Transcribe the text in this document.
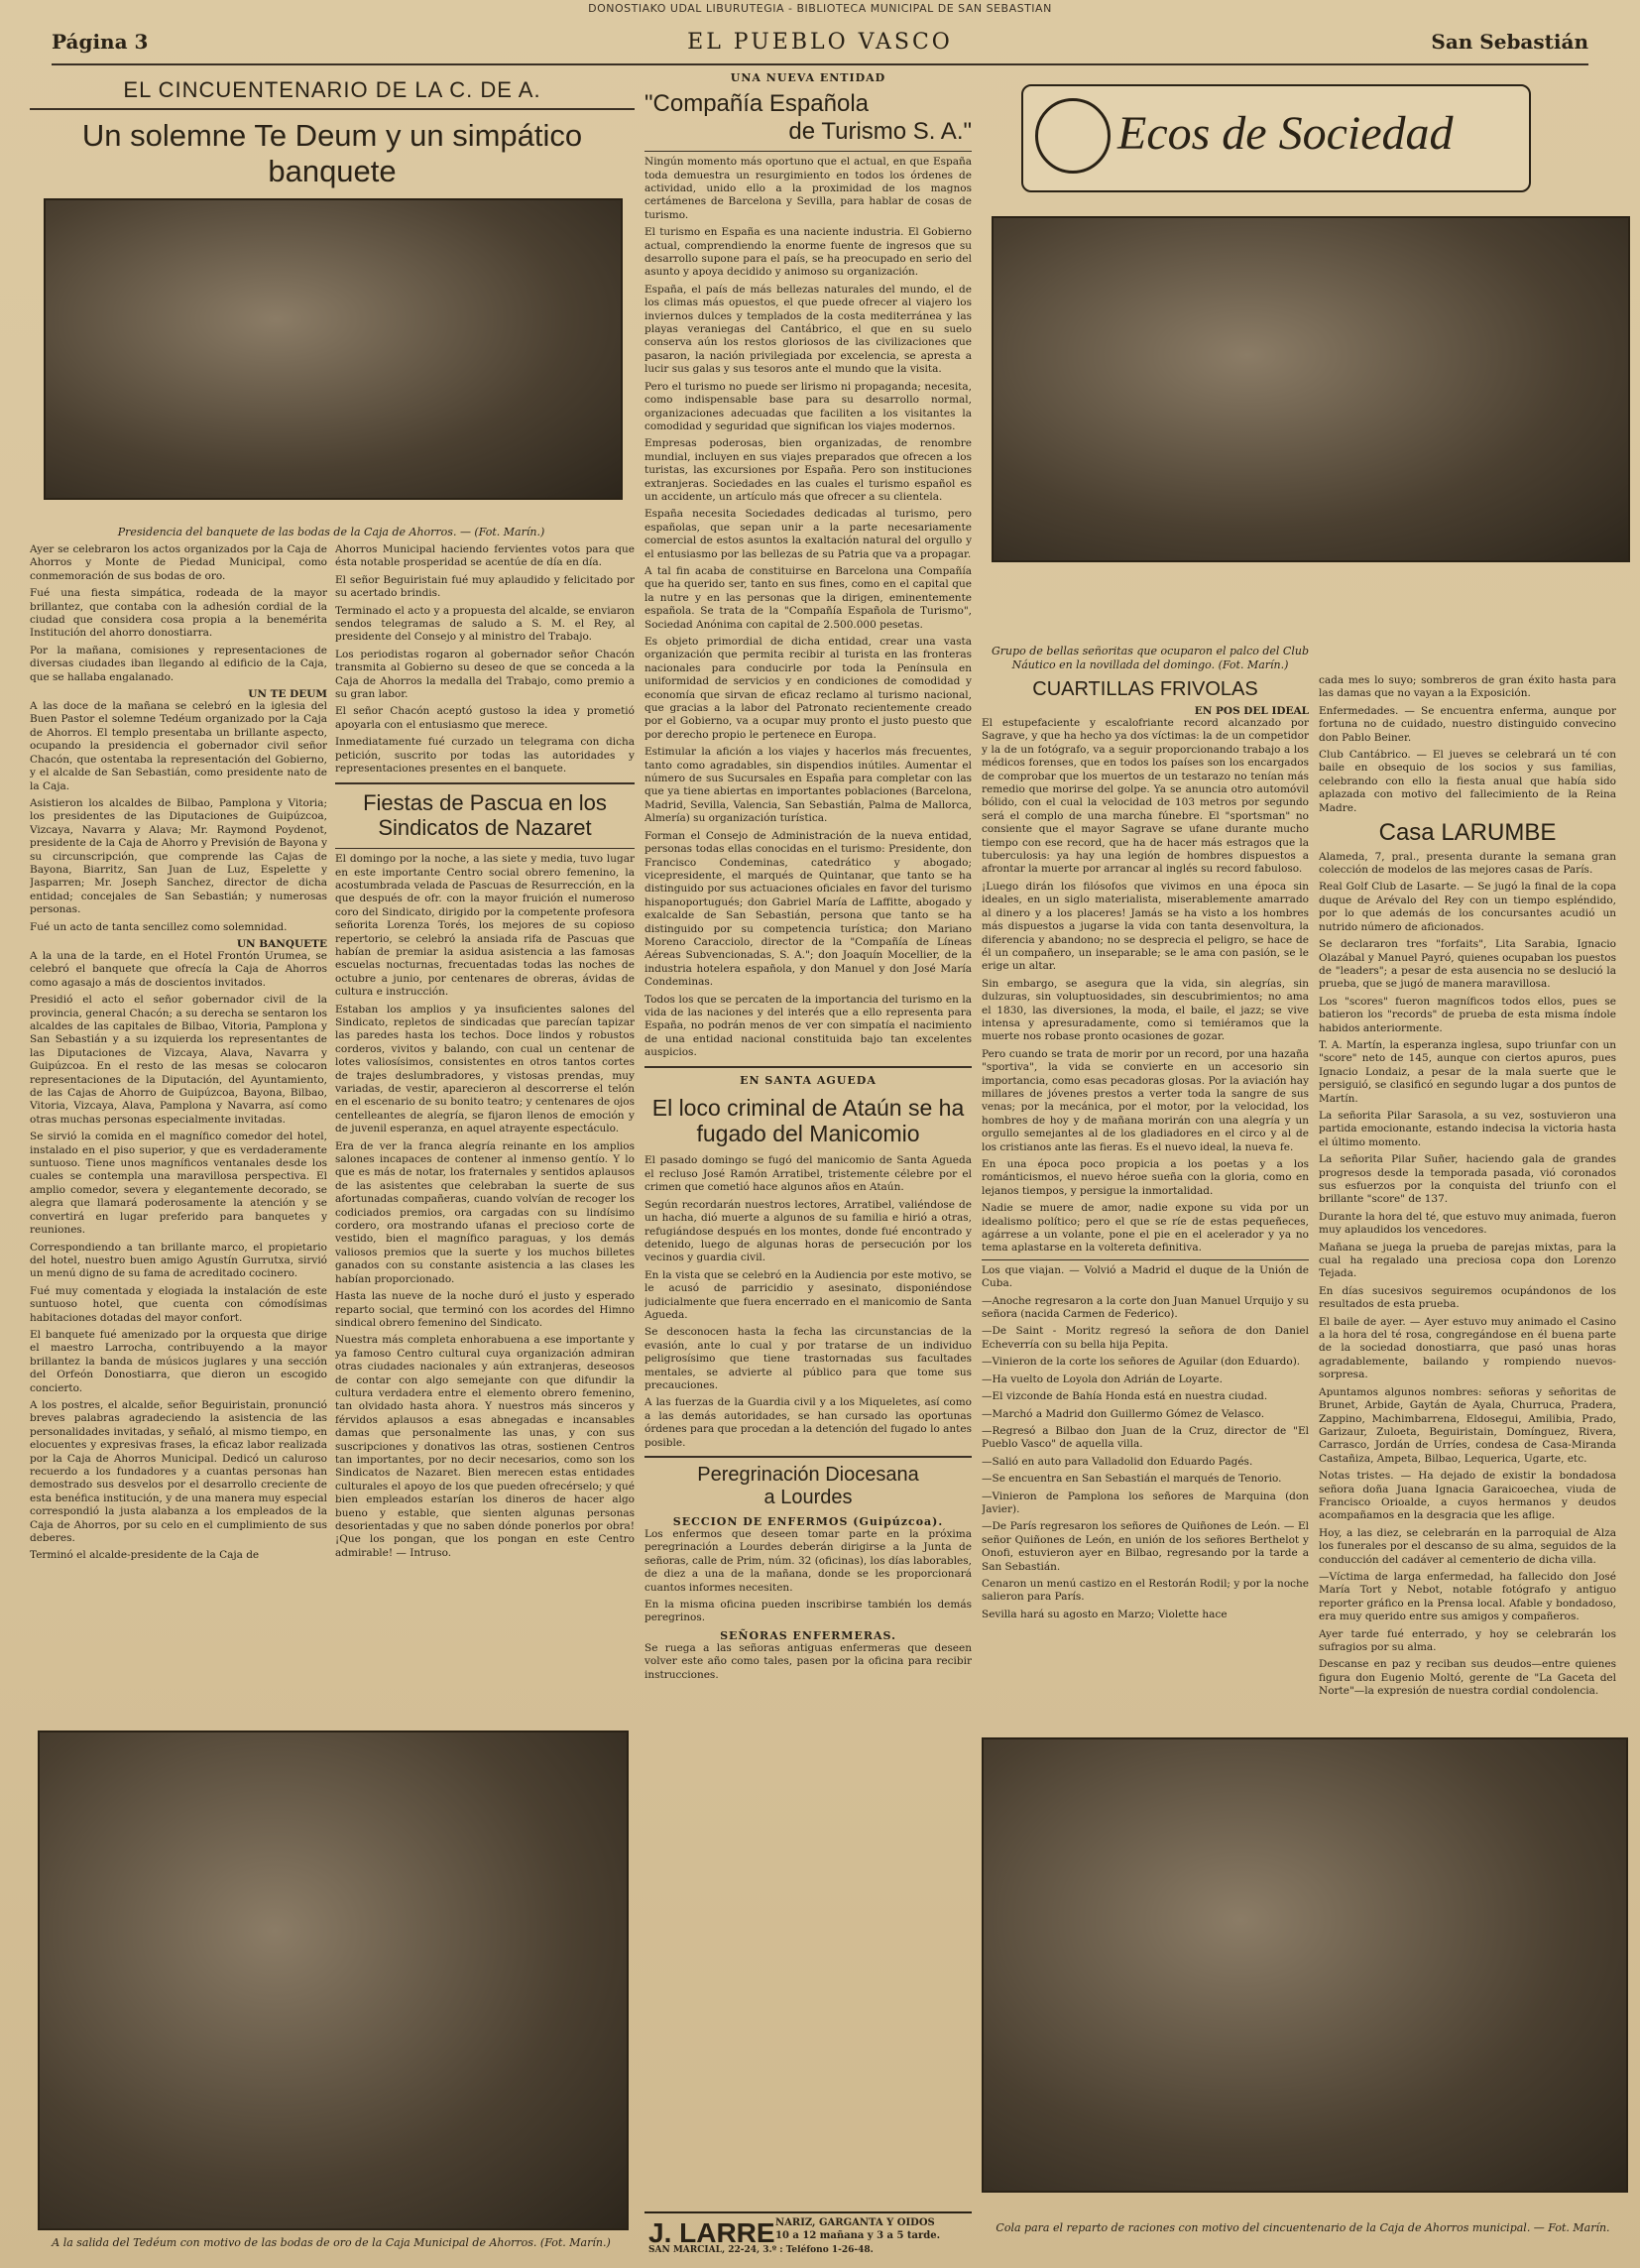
DONOSTIAKO UDAL LIBURUTEGIA - BIBLIOTECA MUNICIPAL DE SAN SEBASTIAN
Página 3	EL PUEBLO VASCO	San Sebastián
EL CINCUENTENARIO DE LA C. DE A.
Un solemne Te Deum y un simpático banquete
Presidencia del banquete de las bodas de la Caja de Ahorros. — (Fot. Marín.)

Ayer se celebraron los actos organizados por la Caja de Ahorros y Monte de Piedad Municipal, como conmemoración de sus bodas de oro.

Fué una fiesta simpática, rodeada de la mayor brillantez, que contaba con la adhesión cordial de la ciudad que considera cosa propia a la benemérita Institución del ahorro donostiarra.

Por la mañana, comisiones y representaciones de diversas ciudades iban llegando al edificio de la Caja, que se hallaba engalanado.

UN TE DEUM

A las doce de la mañana se celebró en la iglesia del Buen Pastor el solemne Tedéum organizado por la Caja de Ahorros. El templo presentaba un brillante aspecto, ocupando la presidencia el gobernador civil señor Chacón, que ostentaba la representación del Gobierno, y el alcalde de San Sebastián, como presidente nato de la Caja.

Asistieron los alcaldes de Bilbao, Pamplona y Vitoria; los presidentes de las Diputaciones de Guipúzcoa, Vizcaya, Navarra y Alava; Mr. Raymond Poydenot, presidente de la Caja de Ahorro y Previsión de Bayona y su circunscripción, que comprende las Cajas de Bayona, Biarritz, San Juan de Luz, Espelette y Jasparren; Mr. Joseph Sanchez, director de dicha entidad; concejales de San Sebastián; y numerosas personas.

Fué un acto de tanta sencillez como solemnidad.

UN BANQUETE

A la una de la tarde, en el Hotel Frontón Urumea, se celebró el banquete que ofrecía la Caja de Ahorros como agasajo a más de doscientos invitados.

Presidió el acto el señor gobernador civil de la provincia, general Chacón; a su derecha se sentaron los alcaldes de las capitales de Bilbao, Vitoria, Pamplona y San Sebastián y a su izquierda los representantes de las Diputaciones de Vizcaya, Alava, Navarra y Guipúzcoa. En el resto de las mesas se colocaron representaciones de la Diputación, del Ayuntamiento, de las Cajas de Ahorro de Guipúzcoa, Bayona, Bilbao, Vitoria, Vizcaya, Alava, Pamplona y Navarra, así como otras muchas personas especialmente invitadas.

Se sirvió la comida en el magnífico comedor del hotel, instalado en el piso superior, y que es verdaderamente suntuoso. Tiene unos magníficos ventanales desde los cuales se contempla una maravillosa perspectiva. El amplio comedor, severa y elegantemente decorado, se alegra que llamará poderosamente la atención y se convertirá en lugar preferido para banquetes y reuniones.

Correspondiendo a tan brillante marco, el propietario del hotel, nuestro buen amigo Agustín Gurrutxa, sirvió un menú digno de su fama de acreditado cocinero.

Fué muy comentada y elogiada la instalación de este suntuoso hotel, que cuenta con cómodísimas habitaciones dotadas del mayor confort.

El banquete fué amenizado por la orquesta que dirige el maestro Larrocha, contribuyendo a la mayor brillantez la banda de músicos juglares y una sección del Orfeón Donostiarra, que dieron un escogido concierto.

A los postres, el alcalde, señor Beguiristain, pronunció breves palabras agradeciendo la asistencia de las personalidades invitadas, y señaló, al mismo tiempo, en elocuentes y expresivas frases, la eficaz labor realizada por la Caja de Ahorros Municipal. Dedicó un caluroso recuerdo a los fundadores y a cuantas personas han demostrado sus desvelos por el desarrollo creciente de esta benéfica institución, y de una manera muy especial correspondió la justa alabanza a los empleados de la Caja de Ahorros, por su celo en el cumplimiento de sus deberes.

Terminó el alcalde-presidente de la Caja de

Ahorros Municipal haciendo fervientes votos para que ésta notable prosperidad se acentúe de día en día.

El señor Beguiristain fué muy aplaudido y felicitado por su acertado brindis.

Terminado el acto y a propuesta del alcalde, se enviaron sendos telegramas de saludo a S. M. el Rey, al presidente del Consejo y al ministro del Trabajo.

Los periodistas rogaron al gobernador señor Chacón transmita al Gobierno su deseo de que se conceda a la Caja de Ahorros la medalla del Trabajo, como premio a su gran labor.

El señor Chacón aceptó gustoso la idea y prometió apoyarla con el entusiasmo que merece.

Inmediatamente fué curzado un telegrama con dicha petición, suscrito por todas las autoridades y representaciones presentes en el banquete.

Fiestas de Pascua en los Sindicatos de Nazaret

El domingo por la noche, a las siete y media, tuvo lugar en este importante Centro social obrero femenino, la acostumbrada velada de Pascuas de Resurrección, en la que después de ofr. con la mayor fruición el numeroso coro del Sindicato, dirigido por la competente profesora señorita Lorenza Torés, los mejores de su copioso repertorio, se celebró la ansiada rifa de Pascuas que habían de premiar la asidua asistencia a las famosas escuelas nocturnas, frecuentadas todas las noches de octubre a junio, por centenares de obreras, ávidas de cultura e instrucción.

Estaban los amplios y ya insuficientes salones del Sindicato, repletos de sindicadas que parecían tapizar las paredes hasta los techos. Doce lindos y robustos corderos, vivitos y balando, con cual un centenar de lotes valiosísimos, consistentes en otros tantos cortes de trajes deslumbradores, y vistosas prendas, muy variadas, de vestir, aparecieron al descorrerse el telón en el escenario de su bonito teatro; y centenares de ojos centelleantes de alegría, se fijaron llenos de emoción y de juvenil esperanza, en aquel atrayente espectáculo.

Era de ver la franca alegría reinante en los amplios salones incapaces de contener al inmenso gentío. Y lo que es más de notar, los fraternales y sentidos aplausos de las asistentes que celebraban la suerte de sus afortunadas compañeras, cuando volvían de recoger los codiciados premios, ora cargadas con su lindísimo cordero, ora mostrando ufanas el precioso corte de vestido, bien el magnífico paraguas, y los demás valiosos premios que la suerte y los muchos billetes ganados con su constante asistencia a las clases les habían proporcionado.

Hasta las nueve de la noche duró el justo y esperado reparto social, que terminó con los acordes del Himno sindical obrero femenino del Sindicato.

Nuestra más completa enhorabuena a ese importante y ya famoso Centro cultural cuya organización admiran otras ciudades nacionales y aún extranjeras, deseosos de contar con algo semejante con que difundir la cultura verdadera entre el elemento obrero femenino, tan olvidado hasta ahora. Y nuestros más sinceros y férvidos aplausos a esas abnegadas e incansables damas que personalmente las unas, y con sus suscripciones y donativos las otras, sostienen Centros tan importantes, por no decir necesarios, como son los Sindicatos de Nazaret. Bien merecen estas entidades culturales el apoyo de los que pueden ofrecérselo; y qué bien empleados estarían los dineros de hacer algo bueno y estable, que sienten algunas personas desorientadas y que no saben dónde ponerlos por obra! ¡Que los pongan, que los pongan en este Centro admirable! — Intruso.

A la salida del Tedéum con motivo de las bodas de oro de la Caja Municipal de Ahorros. (Fot. Marín.)
UNA NUEVA ENTIDAD
"Compañía Española
de Turismo S. A."

Ningún momento más oportuno que el actual, en que España toda demuestra un resurgimiento en todos los órdenes de actividad, unido ello a la proximidad de los magnos certámenes de Barcelona y Sevilla, para hablar de cosas de turismo.

El turismo en España es una naciente industria. El Gobierno actual, comprendiendo la enorme fuente de ingresos que su desarrollo supone para el país, se ha preocupado en serio del asunto y apoya decidido y animoso su organización.

España, el país de más bellezas naturales del mundo, el de los climas más opuestos, el que puede ofrecer al viajero los inviernos dulces y templados de la costa mediterránea y las playas veraniegas del Cantábrico, el que en su suelo conserva aún los restos gloriosos de las civilizaciones que pasaron, la nación privilegiada por excelencia, se apresta a lucir sus galas y sus tesoros ante el mundo que la visita.

Pero el turismo no puede ser lirismo ni propaganda; necesita, como indispensable base para su desarrollo normal, organizaciones adecuadas que faciliten a los visitantes la comodidad y seguridad que significan los viajes modernos.

Empresas poderosas, bien organizadas, de renombre mundial, incluyen en sus viajes preparados que ofrecen a los turistas, las excursiones por España. Pero son instituciones extranjeras. Sociedades en las cuales el turismo español es un accidente, un artículo más que ofrecer a su clientela.

España necesita Sociedades dedicadas al turismo, pero españolas, que sepan unir a la parte necesariamente comercial de estos asuntos la exaltación natural del orgullo y el entusiasmo por las bellezas de su Patria que va a propagar.

A tal fin acaba de constituirse en Barcelona una Compañía que ha querido ser, tanto en sus fines, como en el capital que la nutre y en las personas que la dirigen, eminentemente española. Se trata de la "Compañía Española de Turismo", Sociedad Anónima con capital de 2.500.000 pesetas.

Es objeto primordial de dicha entidad, crear una vasta organización que permita recibir al turista en las fronteras nacionales para conducirle por toda la Península en uniformidad de servicios y en condiciones de comodidad y economía que sirvan de eficaz reclamo al turismo nacional, que gracias a la labor del Patronato recientemente creado por el Gobierno, va a ocupar muy pronto el justo puesto que por derecho propio le pertenece en Europa.

Estimular la afición a los viajes y hacerlos más frecuentes, tanto como agradables, sin dispendios inútiles. Aumentar el número de sus Sucursales en España para completar con las que ya tiene abiertas en importantes poblaciones (Barcelona, Madrid, Sevilla, Valencia, San Sebastián, Palma de Mallorca, Almería) su organización turística.

Forman el Consejo de Administración de la nueva entidad, personas todas ellas conocidas en el turismo: Presidente, don Francisco Condeminas, catedrático y abogado; vicepresidente, el marqués de Quintanar, que tanto se ha distinguido por sus actuaciones oficiales en favor del turismo hispanoportugués; don Gabriel María de Laffitte, abogado y exalcalde de San Sebastián, persona que tanto se ha distinguido por su competencia turística; don Mariano Moreno Caracciolo, director de la "Compañía de Líneas Aéreas Subvencionadas, S. A."; don Joaquín Mocellier, de la industria hotelera española, y don Manuel y don José María Condeminas.

Todos los que se percaten de la importancia del turismo en la vida de las naciones y del interés que a ello representa para España, no podrán menos de ver con simpatía el nacimiento de una entidad nacional constituida bajo tan excelentes auspicios.

EN SANTA AGUEDA
El loco criminal de Ataún se ha fugado del Manicomio

El pasado domingo se fugó del manicomio de Santa Agueda el recluso José Ramón Arratibel, tristemente célebre por el crimen que cometió hace algunos años en Ataún.

Según recordarán nuestros lectores, Arratibel, valiéndose de un hacha, dió muerte a algunos de su familia e hirió a otras, refugiándose después en los montes, donde fué encontrado y detenido, luego de algunas horas de persecución por los vecinos y guardia civil.

En la vista que se celebró en la Audiencia por este motivo, se le acusó de parricidio y asesinato, disponiéndose judicialmente que fuera encerrado en el manicomio de Santa Agueda.

Se desconocen hasta la fecha las circunstancias de la evasión, ante lo cual y por tratarse de un individuo peligrosísimo que tiene trastornadas sus facultades mentales, se advierte al público para que tome sus precauciones.

A las fuerzas de la Guardia civil y a los Miqueletes, así como a las demás autoridades, se han cursado las oportunas órdenes para que procedan a la detención del fugado lo antes posible.

Peregrinación Diocesana
a Lourdes
SECCION DE ENFERMOS (Guipúzcoa).

Los enfermos que deseen tomar parte en la próxima peregrinación a Lourdes deberán dirigirse a la Junta de señoras, calle de Prim, núm. 32 (oficinas), los días laborables, de diez a una de la mañana, donde se les proporcionará cuantos informes necesiten.

En la misma oficina pueden inscribirse también los demás peregrinos.

SEÑORAS ENFERMERAS.

Se ruega a las señoras antiguas enfermeras que deseen volver este año como tales, pasen por la oficina para recibir instrucciones.

J. LARRE NARIZ, GARGANTA Y OIDOS
10 a 12 mañana y 3 a 5 tarde.
SAN MARCIAL, 22-24, 3.º : Teléfono 1-26-48.
Ecos de Sociedad
Grupo de bellas señoritas que ocuparon el palco del Club Náutico en la novillada del domingo. (Fot. Marín.)
CUARTILLAS FRIVOLAS
EN POS DEL IDEAL

El estupefaciente y escalofriante record alcanzado por Sagrave, y que ha hecho ya dos víctimas: la de un competidor y la de un fotógrafo, va a seguir proporcionando trabajo a los médicos forenses, que en todos los países son los encargados de comprobar que los muertos de un testarazo no tenían más remedio que morirse del golpe. Ya se anuncia otro automóvil bólido, con el cual la velocidad de 103 metros por segundo será el complo de una marcha fúnebre. El "sportsman" no consiente que el mayor Sagrave se ufane durante mucho tiempo con ese record, que ha de hacer más estragos que la tuberculosis: ya hay una legión de hombres dispuestos a afrontar la muerte por arrancar al inglés su record fabuloso.

¡Luego dirán los filósofos que vivimos en una época sin ideales, en un siglo materialista, miserablemente amarrado al dinero y a los placeres! Jamás se ha visto a los hombres más dispuestos a jugarse la vida con tanta desenvoltura, la diferencia y abandono; no se desprecia el peligro, se hace de él un compañero, un inseparable; se le ama con pasión, se le erige un altar.

Sin embargo, se asegura que la vida, sin alegrías, sin dulzuras, sin voluptuosidades, sin descubrimientos; no ama el 1830, las diversiones, la moda, el baile, el jazz; se vive intensa y apresuradamente, como si temiéramos que la muerte nos robase pronto ocasiones de gozar.

Pero cuando se trata de morir por un record, por una hazaña "sportiva", la vida se convierte en un accesorio sin importancia, como esas pecadoras glosas. Por la aviación hay millares de jóvenes prestos a verter toda la sangre de sus venas; por la mecánica, por el motor, por la velocidad, los hombres de hoy y de mañana morirán con una alegría y un orgullo semejantes al de los gladiadores en el circo y al de los cristianos ante las fieras. Es el nuevo ideal, la nueva fe.

En una época poco propicia a los poetas y a los románticismos, el nuevo héroe sueña con la gloria, como en lejanos tiempos, y persigue la inmortalidad.

Nadie se muere de amor, nadie expone su vida por un idealismo político; pero el que se ríe de estas pequeñeces, agárrese a un volante, pone el pie en el acelerador y ya no tema aplastarse en la voltereta definitiva.

Los que viajan. — Volvió a Madrid el duque de la Unión de Cuba.

—Anoche regresaron a la corte don Juan Manuel Urquijo y su señora (nacida Carmen de Federico).

—De Saint - Moritz regresó la señora de don Daniel Echeverría con su bella hija Pepita.

—Vinieron de la corte los señores de Aguilar (don Eduardo).

—Ha vuelto de Loyola don Adrián de Loyarte.

—El vizconde de Bahía Honda está en nuestra ciudad.

—Marchó a Madrid don Guillermo Gómez de Velasco.

—Regresó a Bilbao don Juan de la Cruz, director de "El Pueblo Vasco" de aquella villa.

—Salió en auto para Valladolid don Eduardo Pagés.

—Se encuentra en San Sebastián el marqués de Tenorio.

—Vinieron de Pamplona los señores de Marquina (don Javier).

—De París regresaron los señores de Quiñones de León. — El señor Quiñones de León, en unión de los señores Berthelot y Onofi, estuvieron ayer en Bilbao, regresando por la tarde a San Sebastián.

Cenaron un menú castizo en el Restorán Rodil; y por la noche salieron para París.

Sevilla hará su agosto en Marzo; Violette hace

cada mes lo suyo; sombreros de gran éxito hasta para las damas que no vayan a la Exposición.

Enfermedades. — Se encuentra enferma, aunque por fortuna no de cuidado, nuestro distinguido convecino don Pablo Beiner.

Club Cantábrico. — El jueves se celebrará un té con baile en obsequio de los socios y sus familias, celebrando con ello la fiesta anual que había sido aplazada con motivo del fallecimiento de la Reina Madre.

Casa LARUMBE

Alameda, 7, pral., presenta durante la semana gran colección de modelos de las mejores casas de París.

Real Golf Club de Lasarte. — Se jugó la final de la copa duque de Arévalo del Rey con un tiempo espléndido, por lo que además de los concursantes acudió un nutrido número de aficionados.

Se declararon tres "forfaits", Lita Sarabia, Ignacio Olazábal y Manuel Payró, quienes ocupaban los puestos de "leaders"; a pesar de esta ausencia no se deslució la prueba, que se jugó de manera maravillosa.

Los "scores" fueron magníficos todos ellos, pues se batieron los "records" de prueba de esta misma índole habidos anteriormente.

T. A. Martín, la esperanza inglesa, supo triunfar con un "score" neto de 145, aunque con ciertos apuros, pues Ignacio Londaiz, a pesar de la mala suerte que le persiguió, se clasificó en segundo lugar a dos puntos de Martín.

La señorita Pilar Sarasola, a su vez, sostuvieron una partida emocionante, estando indecisa la victoria hasta el último momento.

La señorita Pilar Suñer, haciendo gala de grandes progresos desde la temporada pasada, vió coronados sus esfuerzos por la conquista del triunfo con el brillante "score" de 137.

Durante la hora del té, que estuvo muy animada, fueron muy aplaudidos los vencedores.

Mañana se juega la prueba de parejas mixtas, para la cual ha regalado una preciosa copa don Lorenzo Tejada.

En días sucesivos seguiremos ocupándonos de los resultados de esta prueba.

El baile de ayer. — Ayer estuvo muy animado el Casino a la hora del té rosa, congregándose en él buena parte de la sociedad donostiarra, que pasó unas horas agradablemente, bailando y rompiendo nuevos-sorpresa.

Apuntamos algunos nombres: señoras y señoritas de Brunet, Arbide, Gaytán de Ayala, Churruca, Pradera, Zappino, Machimbarrena, Eldosegui, Amilibia, Prado, Garizaur, Zuloeta, Beguiristain, Domínguez, Rivera, Carrasco, Jordán de Urríes, condesa de Casa-Miranda Castañiza, Ampeta, Bilbao, Lequerica, Ugarte, etc.

Notas tristes. — Ha dejado de existir la bondadosa señora doña Juana Ignacia Garaicoechea, viuda de Francisco Orioalde, a cuyos hermanos y deudos acompañamos en la desgracia que les aflige.

Hoy, a las diez, se celebrarán en la parroquial de Alza los funerales por el descanso de su alma, seguidos de la conducción del cadáver al cementerio de dicha villa.

—Víctima de larga enfermedad, ha fallecido don José María Tort y Nebot, notable fotógrafo y antiguo reporter gráfico en la Prensa local. Afable y bondadoso, era muy querido entre sus amigos y compañeros.

Ayer tarde fué enterrado, y hoy se celebrarán los sufragios por su alma.

Descanse en paz y reciban sus deudos—entre quienes figura don Eugenio Moltó, gerente de "La Gaceta del Norte"—la expresión de nuestra cordial condolencia.

Cola para el reparto de raciones con motivo del cincuentenario de la Caja de Ahorros municipal. — Fot. Marín.
